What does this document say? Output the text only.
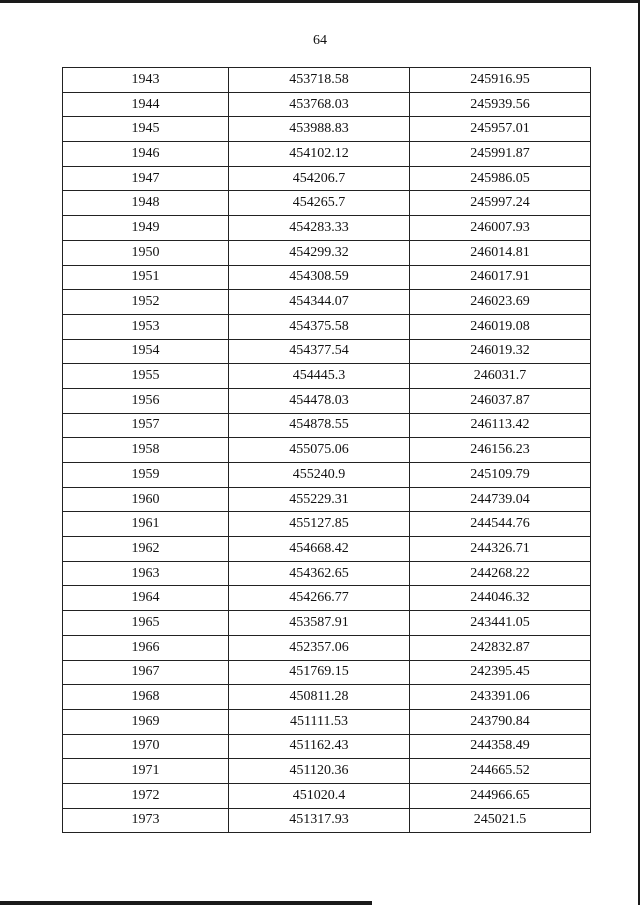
64
1943	453718.58	245916.95
1944	453768.03	245939.56
1945	453988.83	245957.01
1946	454102.12	245991.87
1947	454206.7	245986.05
1948	454265.7	245997.24
1949	454283.33	246007.93
1950	454299.32	246014.81
1951	454308.59	246017.91
1952	454344.07	246023.69
1953	454375.58	246019.08
1954	454377.54	246019.32
1955	454445.3	246031.7
1956	454478.03	246037.87
1957	454878.55	246113.42
1958	455075.06	246156.23
1959	455240.9	245109.79
1960	455229.31	244739.04
1961	455127.85	244544.76
1962	454668.42	244326.71
1963	454362.65	244268.22
1964	454266.77	244046.32
1965	453587.91	243441.05
1966	452357.06	242832.87
1967	451769.15	242395.45
1968	450811.28	243391.06
1969	451111.53	243790.84
1970	451162.43	244358.49
1971	451120.36	244665.52
1972	451020.4	244966.65
1973	451317.93	245021.5
